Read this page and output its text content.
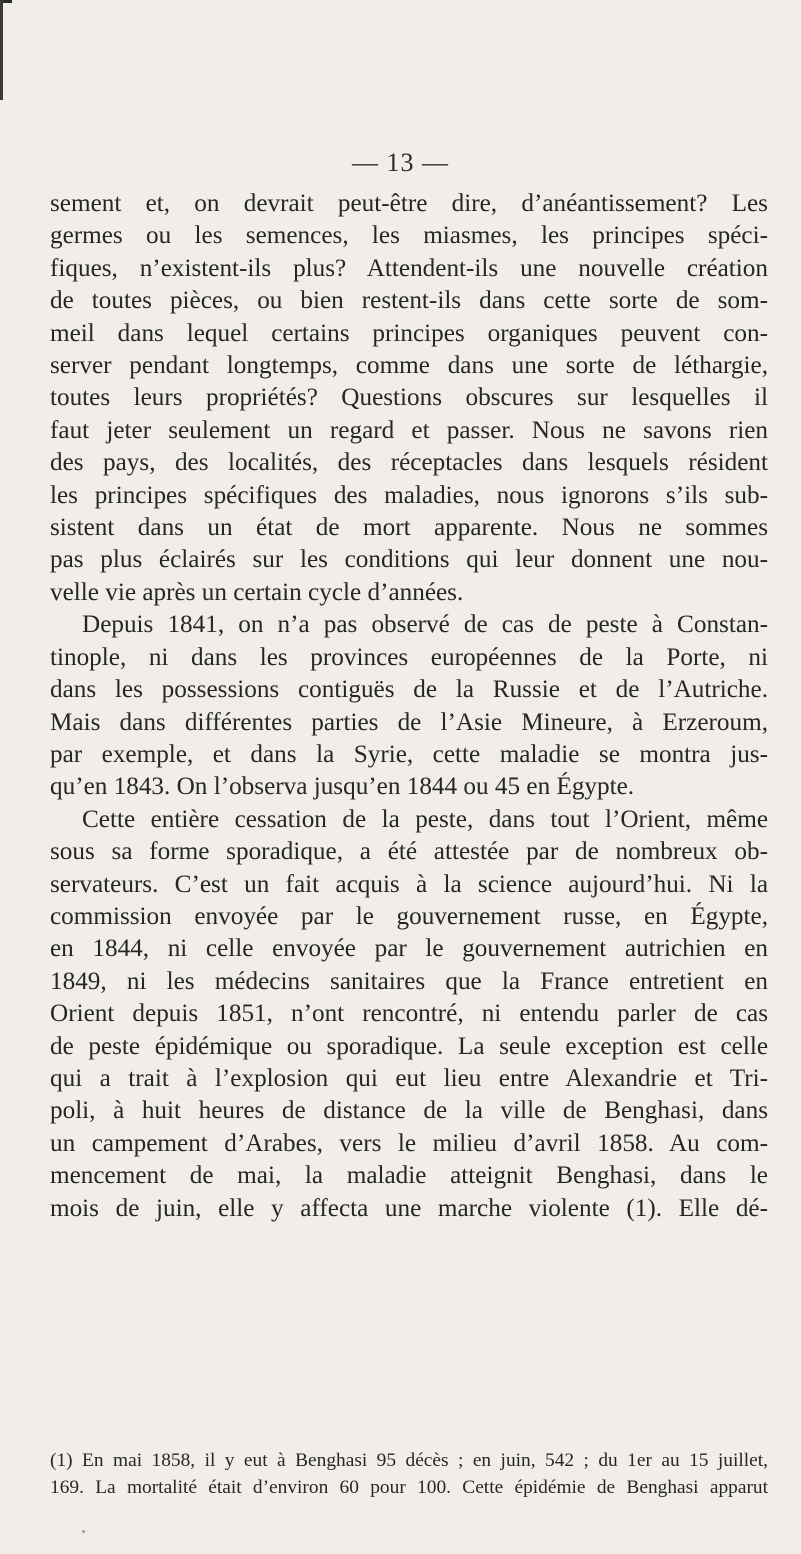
— 13 —
sement et, on devrait peut-être dire, d’anéantissement? Les
germes ou les semences, les miasmes, les principes spéci-
fiques, n’existent-ils plus? Attendent-ils une nouvelle création
de toutes pièces, ou bien restent-ils dans cette sorte de som-
meil dans lequel certains principes organiques peuvent con-
server pendant longtemps, comme dans une sorte de léthargie,
toutes leurs propriétés? Questions obscures sur lesquelles il
faut jeter seulement un regard et passer. Nous ne savons rien
des pays, des localités, des réceptacles dans lesquels résident
les principes spécifiques des maladies, nous ignorons s’ils sub-
sistent dans un état de mort apparente. Nous ne sommes
pas plus éclairés sur les conditions qui leur donnent une nou-
velle vie après un certain cycle d’années.
Depuis 1841, on n’a pas observé de cas de peste à Constan-
tinople, ni dans les provinces européennes de la Porte, ni
dans les possessions contiguës de la Russie et de l’Autriche.
Mais dans différentes parties de l’Asie Mineure, à Erzeroum,
par exemple, et dans la Syrie, cette maladie se montra jus-
qu’en 1843. On l’observa jusqu’en 1844 ou 45 en Égypte.
Cette entière cessation de la peste, dans tout l’Orient, même
sous sa forme sporadique, a été attestée par de nombreux ob-
servateurs. C’est un fait acquis à la science aujourd’hui. Ni la
commission envoyée par le gouvernement russe, en Égypte,
en 1844, ni celle envoyée par le gouvernement autrichien en
1849, ni les médecins sanitaires que la France entretient en
Orient depuis 1851, n’ont rencontré, ni entendu parler de cas
de peste épidémique ou sporadique. La seule exception est celle
qui a trait à l’explosion qui eut lieu entre Alexandrie et Tri-
poli, à huit heures de distance de la ville de Benghasi, dans
un campement d’Arabes, vers le milieu d’avril 1858. Au com-
mencement de mai, la maladie atteignit Benghasi, dans le
mois de juin, elle y affecta une marche violente (1). Elle dé-
(1) En mai 1858, il y eut à Benghasi 95 décès ; en juin, 542 ; du 1er au 15 juillet,
169. La mortalité était d’environ 60 pour 100. Cette épidémie de Benghasi apparut
